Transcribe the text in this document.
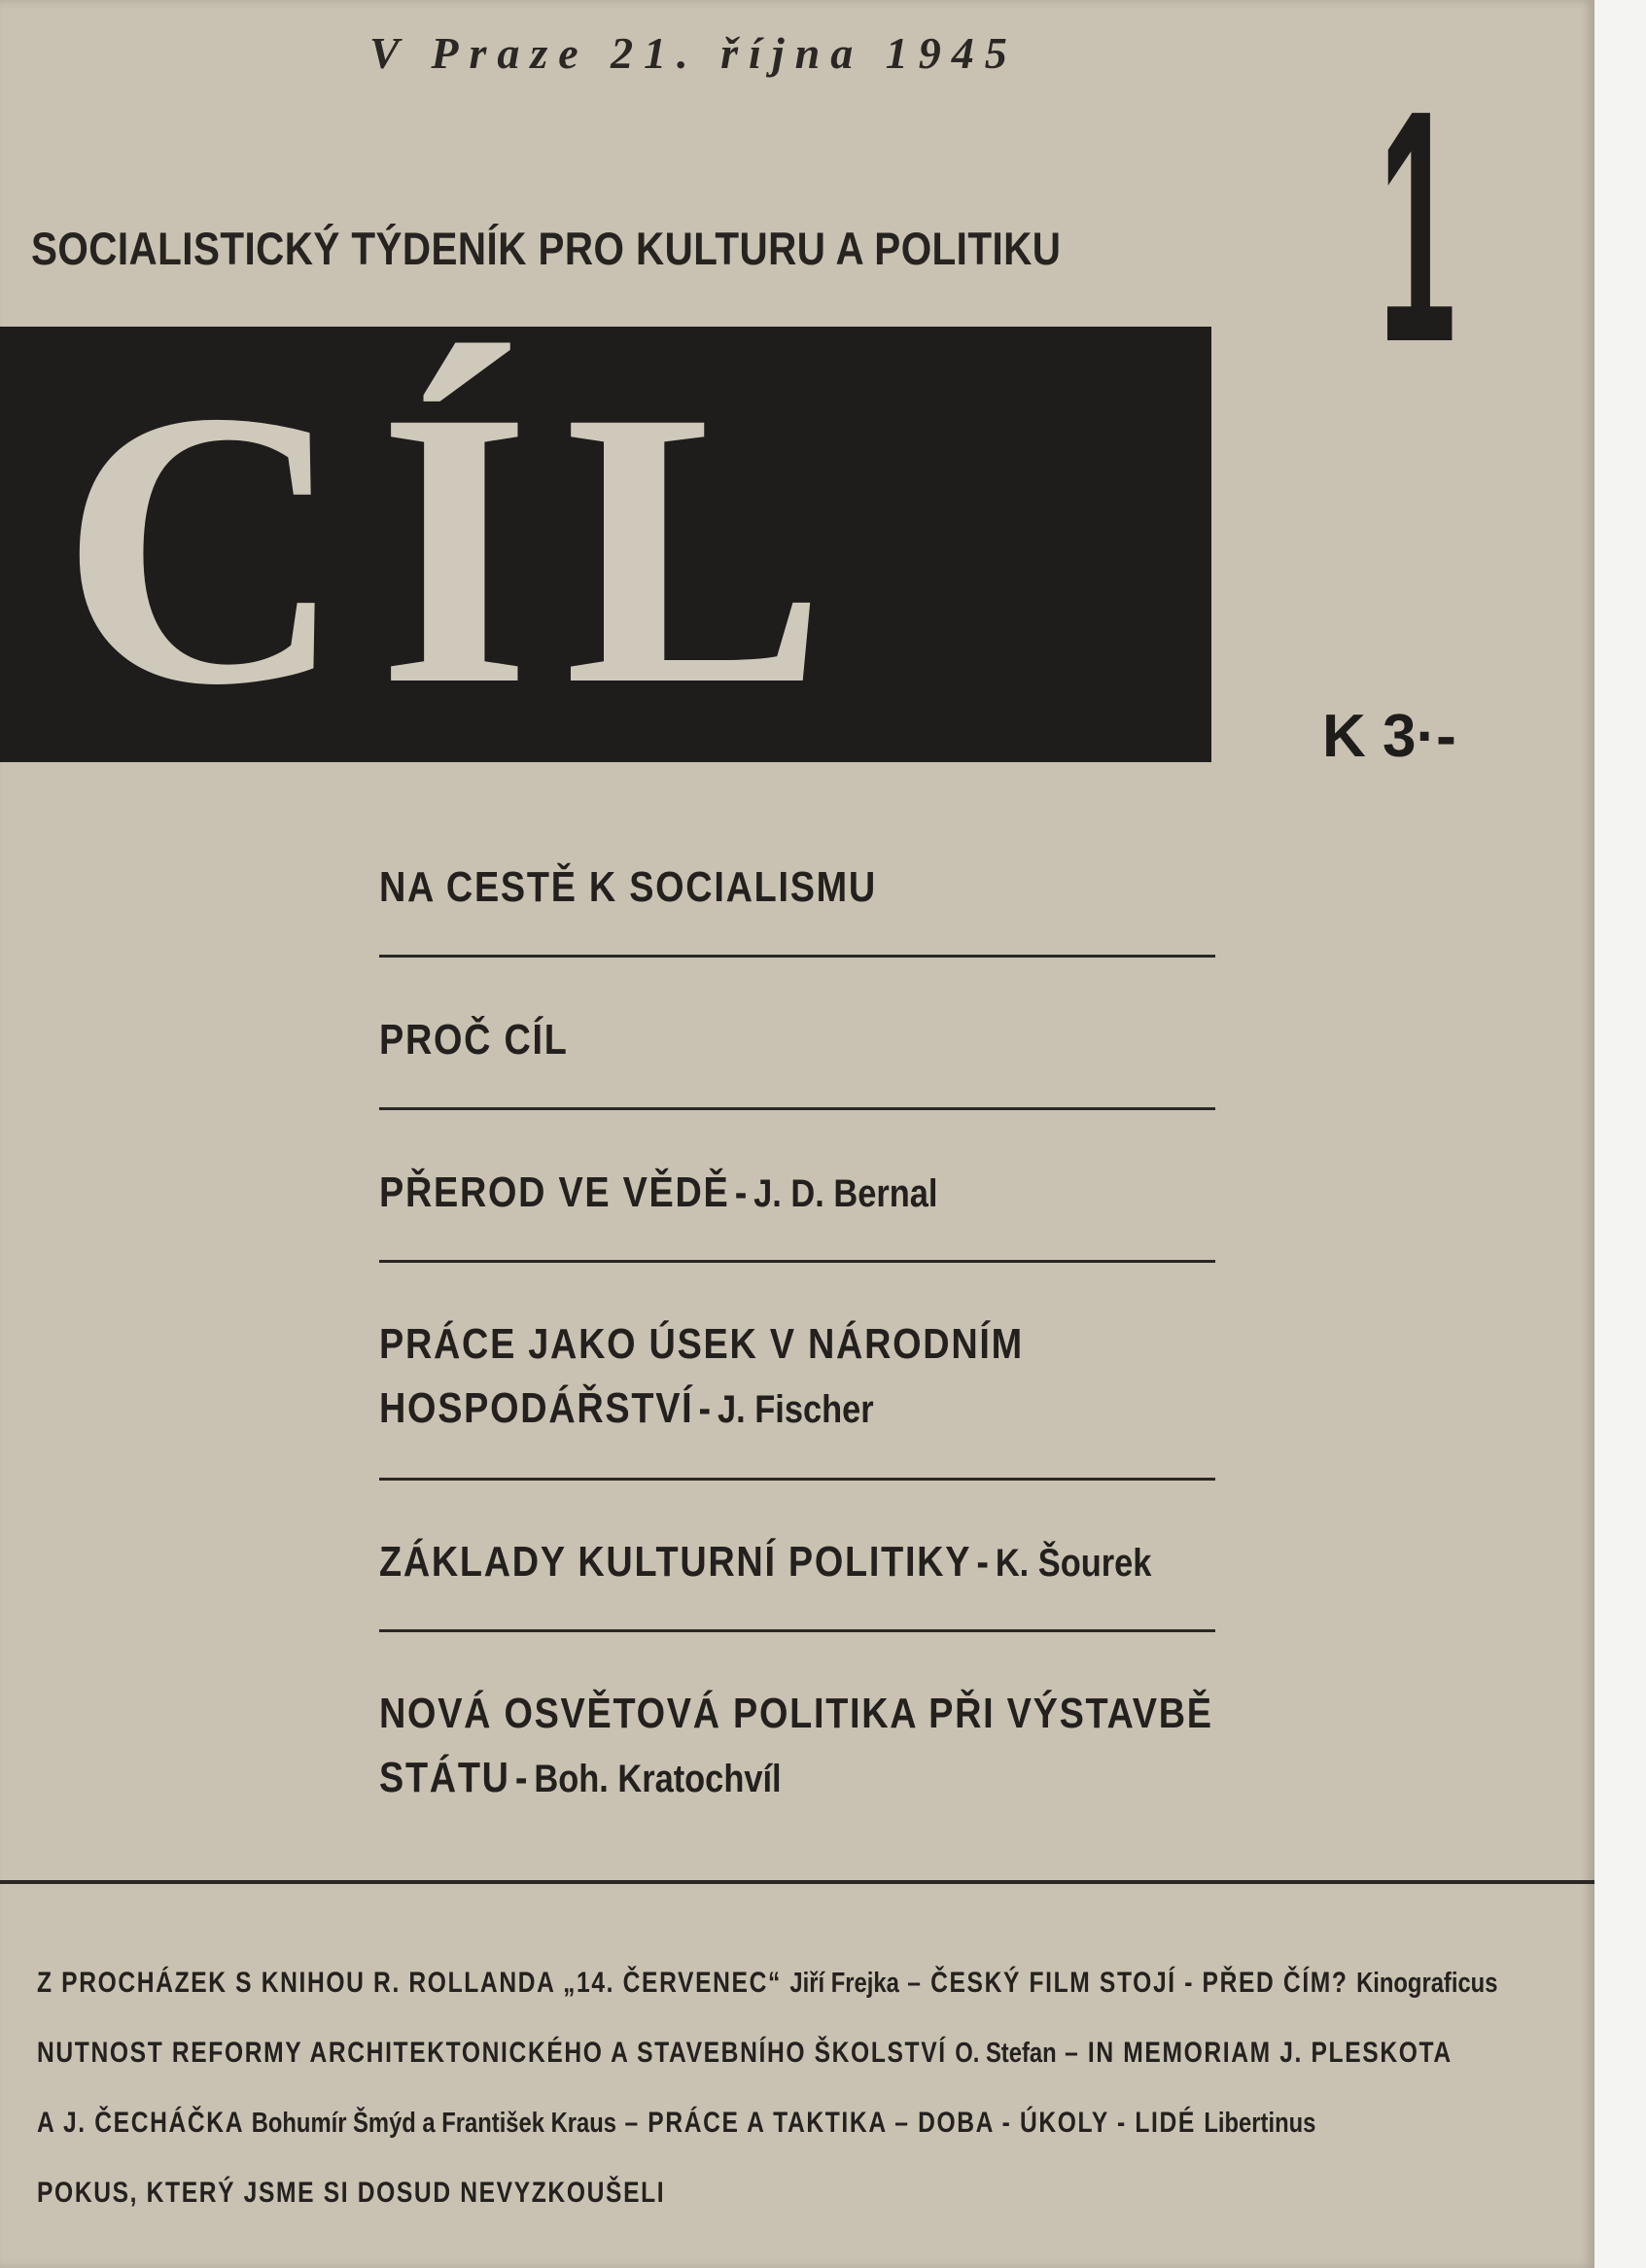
V Praze 21. října 1945
SOCIALISTICKÝ TÝDENÍK PRO KULTURU A POLITIKU 1
CÍL	K 3·-
NA CESTĚ K SOCIALISMU
PROČ CÍL
PŘEROD VE VĚDĚ - J. D. Bernal
PRÁCE JAKO ÚSEK V NÁRODNÍM
HOSPODÁŘSTVÍ - J. Fischer
ZÁKLADY KULTURNÍ POLITIKY - K. Šourek
NOVÁ OSVĚTOVÁ POLITIKA PŘI VÝSTAVBĚ
STÁTU - Boh. Kratochvíl
Z PROCHÁZEK S KNIHOU R. ROLLANDA „14. ČERVENEC“ Jiří Frejka – ČESKÝ FILM STOJÍ - PŘED ČÍM? Kinograficus
NUTNOST REFORMY ARCHITEKTONICKÉHO A STAVEBNÍHO ŠKOLSTVÍ O. Stefan – IN MEMORIAM J. PLESKOTA
A J. ČECHÁČKA Bohumír Šmýd a František Kraus – PRÁCE A TAKTIKA – DOBA - ÚKOLY - LIDÉ Libertinus
POKUS, KTERÝ JSME SI DOSUD NEVYZKOUŠELI
